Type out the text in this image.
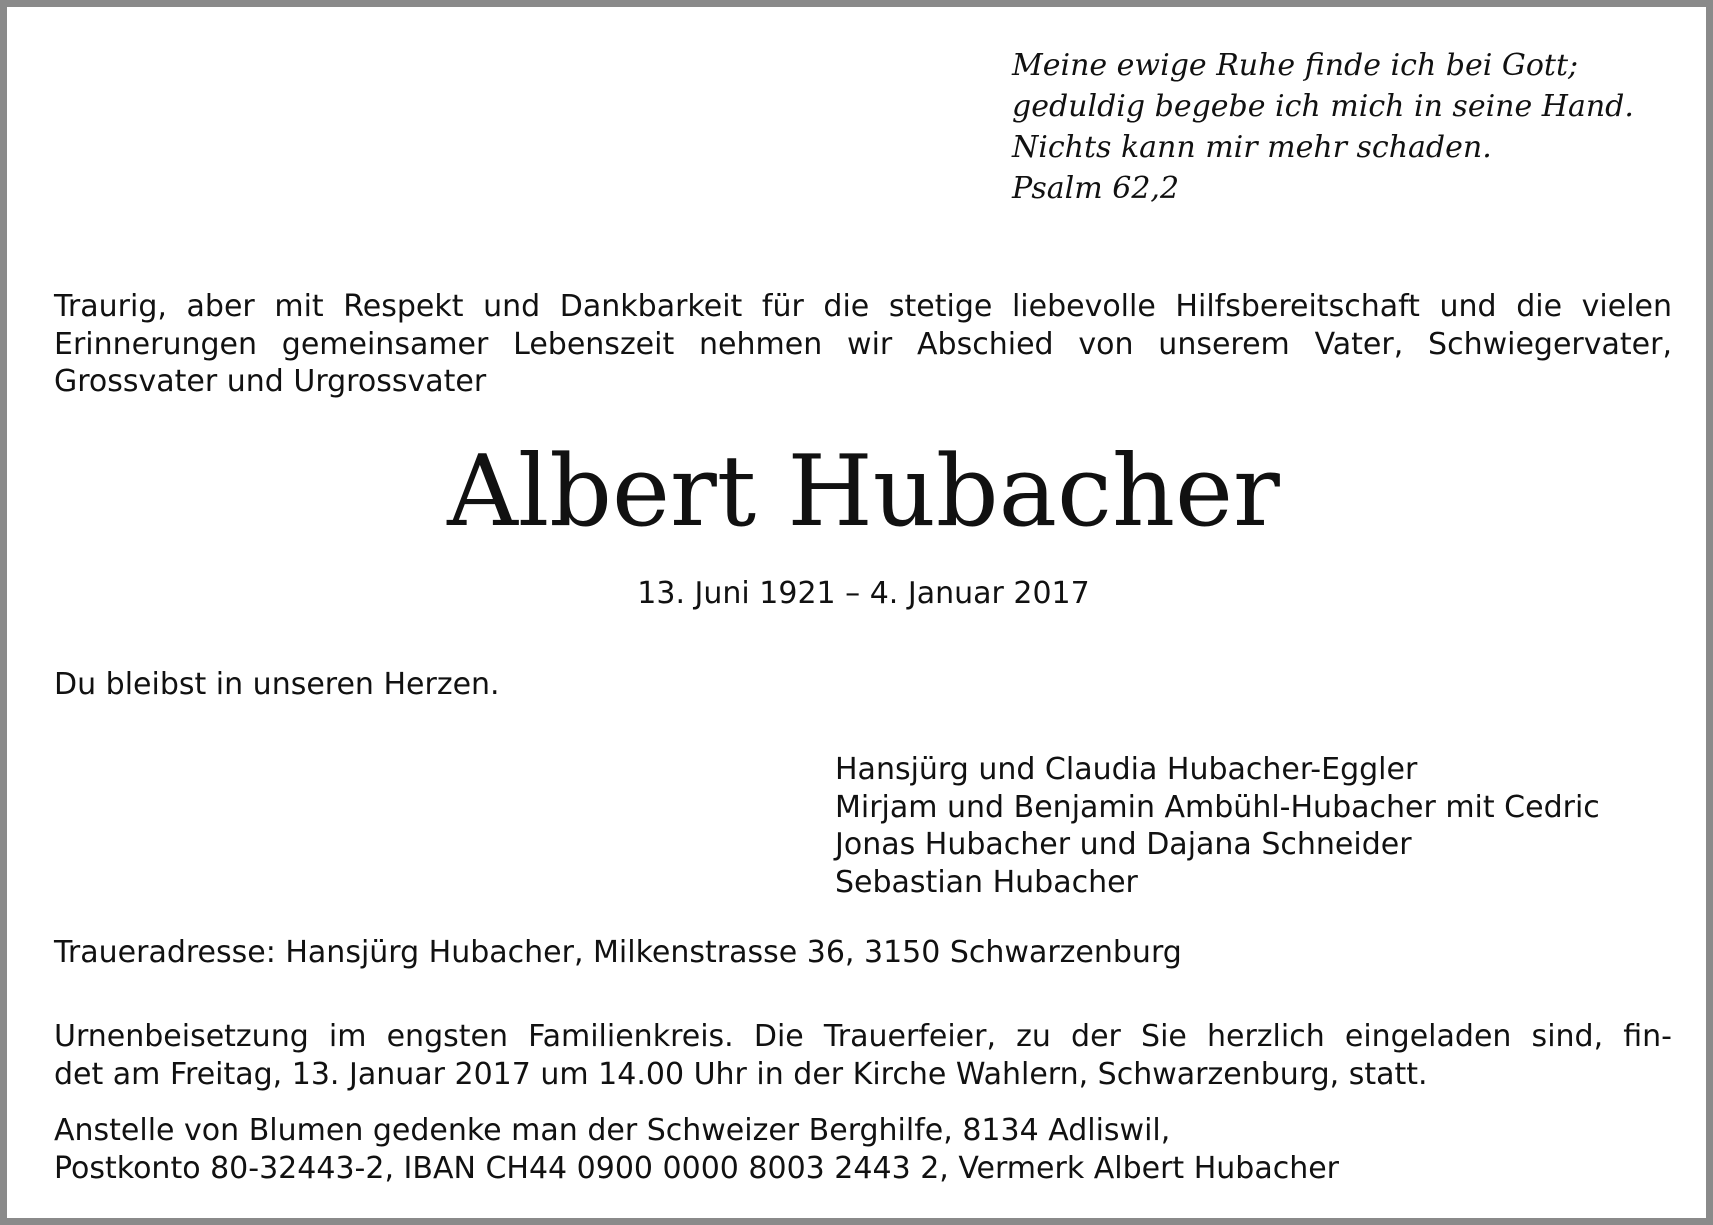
Meine ewige Ruhe finde ich bei Gott;
geduldig begebe ich mich in seine Hand.
Nichts kann mir mehr schaden.
Psalm 62,2
Traurig, aber mit Respekt und Dankbarkeit für die stetige liebevolle Hilfsbereitschaft und die vielen
Erinnerungen gemeinsamer Lebenszeit nehmen wir Abschied von unserem Vater, Schwiegervater,
Grossvater und Urgrossvater
Albert Hubacher
13. Juni 1921 – 4. Januar 2017
Du bleibst in unseren Herzen.
Hansjürg und Claudia Hubacher-Eggler
Mirjam und Benjamin Ambühl-Hubacher mit Cedric
Jonas Hubacher und Dajana Schneider
Sebastian Hubacher
Traueradresse: Hansjürg Hubacher, Milkenstrasse 36, 3150 Schwarzenburg
Urnenbeisetzung im engsten Familienkreis. Die Trauerfeier, zu der Sie herzlich eingeladen sind, fin-
det am Freitag, 13. Januar 2017 um 14.00 Uhr in der Kirche Wahlern, Schwarzenburg, statt.
Anstelle von Blumen gedenke man der Schweizer Berghilfe, 8134 Adliswil,
Postkonto 80-32443-2, IBAN CH44 0900 0000 8003 2443 2, Vermerk Albert Hubacher
